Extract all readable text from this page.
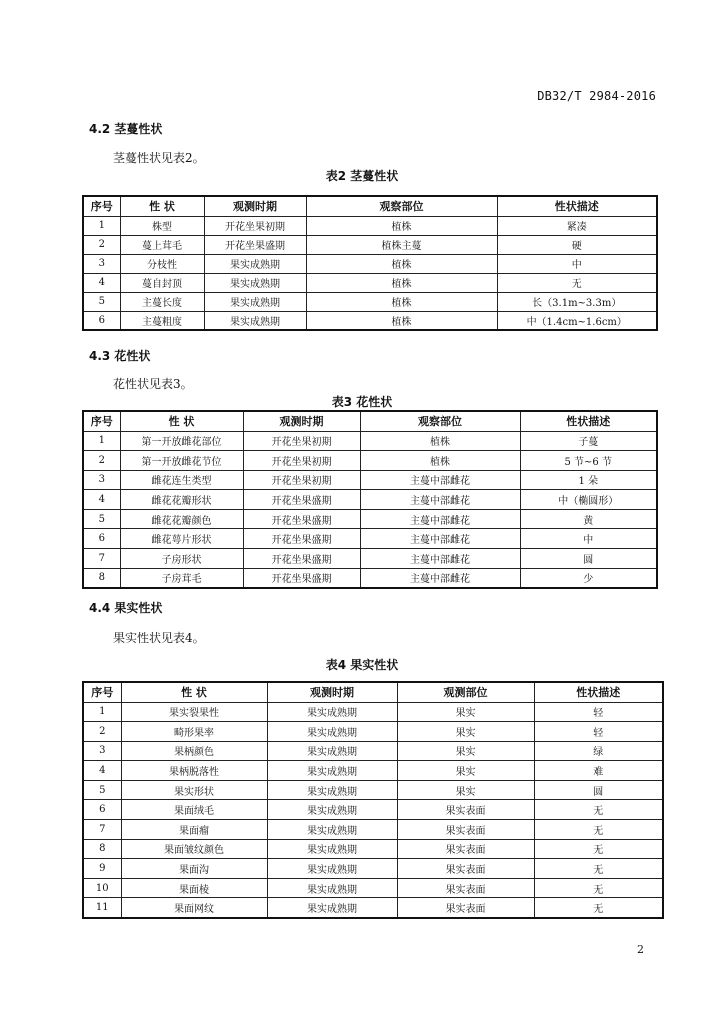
DB32/T 2984-2016
4.2 茎蔓性状
茎蔓性状见表2。
表2 茎蔓性状
序号	性 状	观测时期	观察部位	性状描述
1	株型	开花坐果初期	植株	紧凑
2	蔓上茸毛	开花坐果盛期	植株主蔓	硬
3	分枝性	果实成熟期	植株	中
4	蔓自封顶	果实成熟期	植株	无
5	主蔓长度	果实成熟期	植株	长（3.1m~3.3m）
6	主蔓粗度	果实成熟期	植株	中（1.4cm~1.6cm）
4.3 花性状
花性状见表3。
表3 花性状
序号	性 状	观测时期	观察部位	性状描述
1	第一开放雌花部位	开花坐果初期	植株	子蔓
2	第一开放雌花节位	开花坐果初期	植株	5 节~6 节
3	雌花连生类型	开花坐果初期	主蔓中部雌花	1 朵
4	雌花花瓣形状	开花坐果盛期	主蔓中部雌花	中（椭圆形）
5	雌花花瓣颜色	开花坐果盛期	主蔓中部雌花	黄
6	雌花萼片形状	开花坐果盛期	主蔓中部雌花	中
7	子房形状	开花坐果盛期	主蔓中部雌花	圆
8	子房茸毛	开花坐果盛期	主蔓中部雌花	少
4.4 果实性状
果实性状见表4。
表4 果实性状
序号	性 状	观测时期	观测部位	性状描述
1	果实裂果性	果实成熟期	果实	轻
2	畸形果率	果实成熟期	果实	轻
3	果柄颜色	果实成熟期	果实	绿
4	果柄脱落性	果实成熟期	果实	难
5	果实形状	果实成熟期	果实	圆
6	果面绒毛	果实成熟期	果实表面	无
7	果面瘤	果实成熟期	果实表面	无
8	果面皱纹颜色	果实成熟期	果实表面	无
9	果面沟	果实成熟期	果实表面	无
10	果面棱	果实成熟期	果实表面	无
11	果面网纹	果实成熟期	果实表面	无
2
